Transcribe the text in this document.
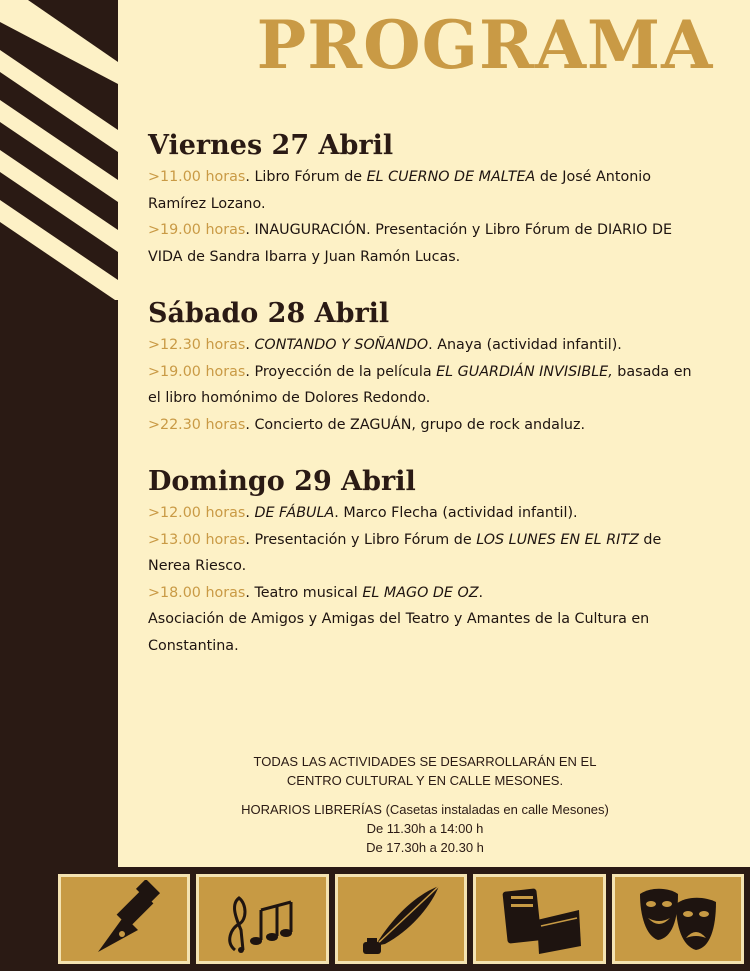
PROGRAMA
Viernes 27 Abril

>11.00 horas. Libro Fórum de EL CUERNO DE MALTEA de José Antonio Ramírez Lozano.

>19.00 horas. INAUGURACIÓN. Presentación y Libro Fórum de DIARIO DE VIDA de Sandra Ibarra y Juan Ramón Lucas.

Sábado 28 Abril

>12.30 horas. CONTANDO Y SOÑANDO. Anaya (actividad infantil).

>19.00 horas. Proyección de la película EL GUARDIÁN INVISIBLE, basada en el libro homónimo de Dolores Redondo.

>22.30 horas. Concierto de ZAGUÁN, grupo de rock andaluz.

Domingo 29 Abril

>12.00 horas. DE FÁBULA. Marco Flecha (actividad infantil).

>13.00 horas. Presentación y Libro Fórum de LOS LUNES EN EL RITZ de Nerea Riesco.

>18.00 horas. Teatro musical EL MAGO DE OZ.

Asociación de Amigos y Amigas del Teatro y Amantes de la Cultura en Constantina.

TODAS LAS ACTIVIDADES SE DESARROLLARÁN EN EL

CENTRO CULTURAL Y EN CALLE MESONES.

HORARIOS LIBRERÍAS (Casetas instaladas en calle Mesones)

De 11.30h a 14:00 h

De 17.30h a 20.30 h
